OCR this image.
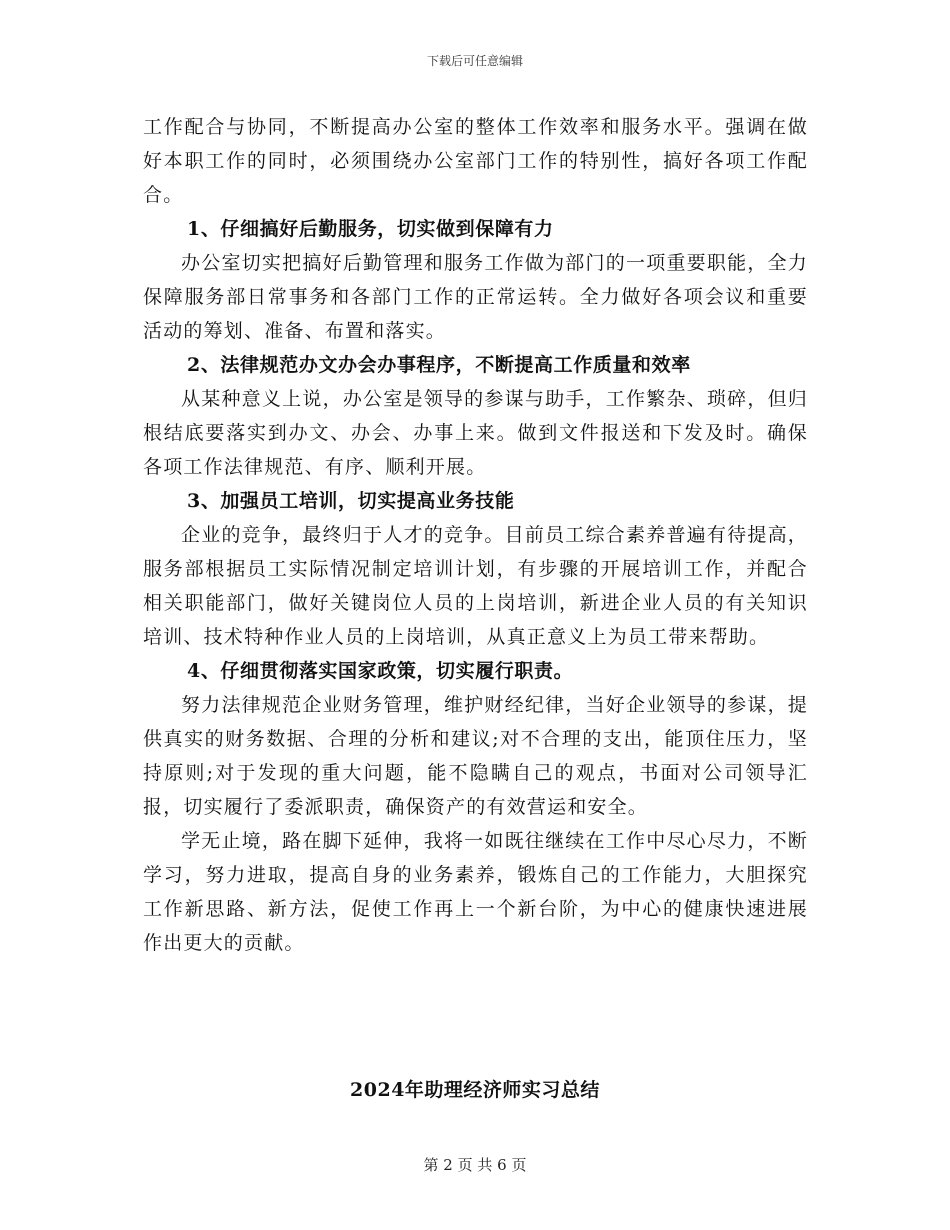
下载后可任意编辑

工作配合与协同，不断提高办公室的整体工作效率和服务水平。强调在做好本职工作的同时，必须围绕办公室部门工作的特别性，搞好各项工作配合。

1、仔细搞好后勤服务，切实做到保障有力

办公室切实把搞好后勤管理和服务工作做为部门的一项重要职能，全力保障服务部日常事务和各部门工作的正常运转。全力做好各项会议和重要活动的筹划、准备、布置和落实。

2、法律规范办文办会办事程序，不断提高工作质量和效率

从某种意义上说，办公室是领导的参谋与助手，工作繁杂、琐碎，但归根结底要落实到办文、办会、办事上来。做到文件报送和下发及时。确保各项工作法律规范、有序、顺利开展。

3、加强员工培训，切实提高业务技能

企业的竞争，最终归于人才的竞争。目前员工综合素养普遍有待提高，服务部根据员工实际情况制定培训计划，有步骤的开展培训工作，并配合相关职能部门，做好关键岗位人员的上岗培训，新进企业人员的有关知识培训、技术特种作业人员的上岗培训，从真正意义上为员工带来帮助。

4、仔细贯彻落实国家政策，切实履行职责。

努力法律规范企业财务管理，维护财经纪律，当好企业领导的参谋，提供真实的财务数据、合理的分析和建议;对不合理的支出，能顶住压力，坚持原则;对于发现的重大问题，能不隐瞒自己的观点，书面对公司领导汇报，切实履行了委派职责，确保资产的有效营运和安全。

学无止境，路在脚下延伸，我将一如既往继续在工作中尽心尽力，不断学习，努力进取，提高自身的业务素养，锻炼自己的工作能力，大胆探究工作新思路、新方法，促使工作再上一个新台阶，为中心的健康快速进展作出更大的贡献。

2024年助理经济师实习总结
第 2 页 共 6 页
